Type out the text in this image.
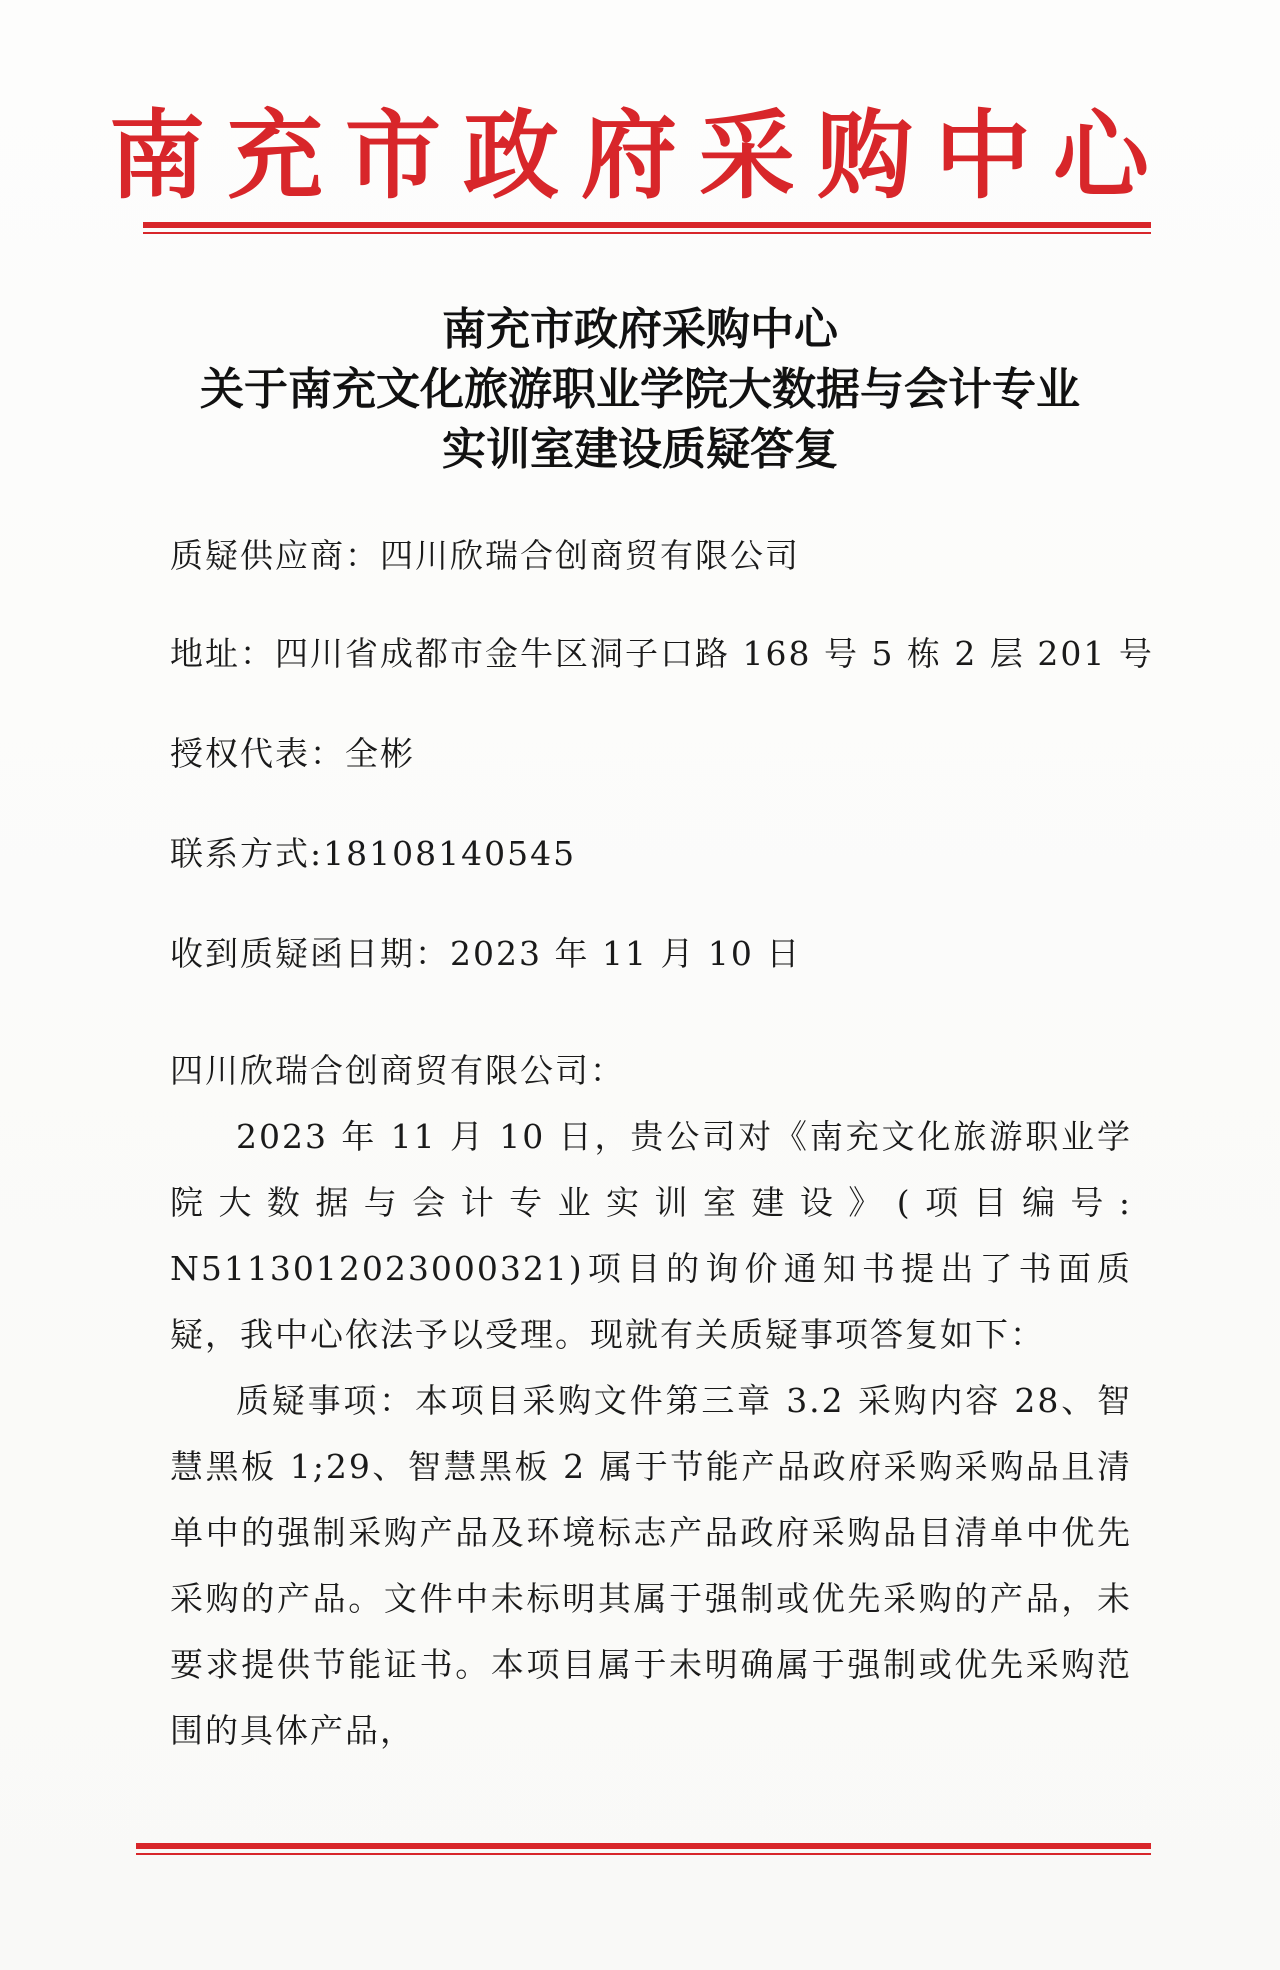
南充市政府采购中心
南充市政府采购中心
关于南充文化旅游职业学院大数据与会计专业
实训室建设质疑答复
质疑供应商：四川欣瑞合创商贸有限公司
地址：四川省成都市金牛区洞子口路 168 号 5 栋 2 层 201 号
授权代表：全彬
联系方式:18108140545
收到质疑函日期：2023 年 11 月 10 日

四川欣瑞合创商贸有限公司：

2023 年 11 月 10 日，贵公司对《南充文化旅游职业学院大数据与会计专业实训室建设》(项目编号: N5113012023000321)项目的询价通知书提出了书面质疑，我中心依法予以受理。现就有关质疑事项答复如下：

质疑事项：本项目采购文件第三章 3.2 采购内容 28、智慧黑板 1;29、智慧黑板 2 属于节能产品政府采购采购品且清单中的强制采购产品及环境标志产品政府采购品目清单中优先采购的产品。文件中未标明其属于强制或优先采购的产品，未要求提供节能证书。本项目属于未明确属于强制或优先采购范围的具体产品，
